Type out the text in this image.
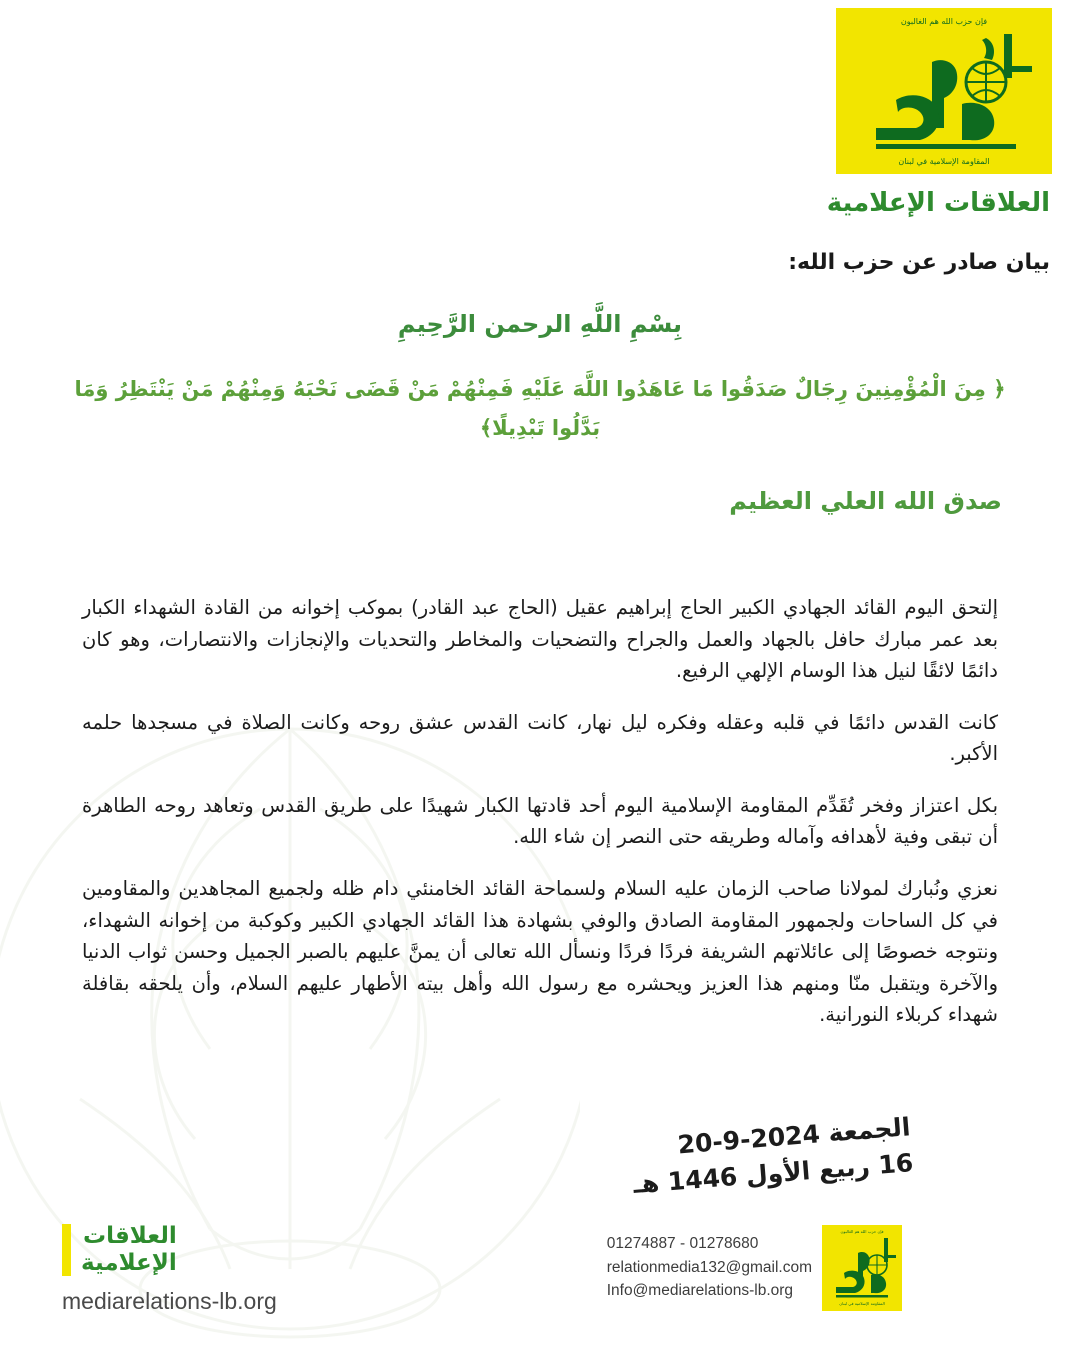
فإن حزب الله هم الغالبون
المقاومة الإسلامية في لبنان
العلاقات الإعلامية
بيان صادر عن حزب الله:
بِسْمِ اللَّهِ الرحمن الرَّحِيمِ
﴿ مِنَ الْمُؤْمِنِينَ رِجَالٌ صَدَقُوا مَا عَاهَدُوا اللَّهَ عَلَيْهِ فَمِنْهُمْ مَنْ قَضَى نَحْبَهُ وَمِنْهُمْ مَنْ يَنْتَظِرُ وَمَا بَدَّلُوا تَبْدِيلًا﴾
صدق الله العلي العظيم

إلتحق اليوم القائد الجهادي الكبير الحاج إبراهيم عقيل (الحاج عبد القادر) بموكب إخوانه من القادة الشهداء الكبار بعد عمر مبارك حافل بالجهاد والعمل والجراح والتضحيات والمخاطر والتحديات والإنجازات والانتصارات، وهو كان دائمًا لائقًا لنيل هذا الوسام الإلهي الرفيع.

كانت القدس دائمًا في قلبه وعقله وفكره ليل نهار، كانت القدس عشق روحه وكانت الصلاة في مسجدها حلمه الأكبر.

بكل اعتزاز وفخر تُقَدِّم المقاومة الإسلامية اليوم أحد قادتها الكبار شهيدًا على طريق القدس وتعاهد روحه الطاهرة أن تبقى وفية لأهدافه وآماله وطريقه حتى النصر إن شاء الله.

نعزي ونُبارك لمولانا صاحب الزمان عليه السلام ولسماحة القائد الخامنئي دام ظله ولجميع المجاهدين والمقاومين في كل الساحات ولجمهور المقاومة الصادق والوفي بشهادة هذا القائد الجهادي الكبير وكوكبة من إخوانه الشهداء، ونتوجه خصوصًا إلى عائلاتهم الشريفة فردًا فردًا ونسأل الله تعالى أن يمنَّ عليهم بالصبر الجميل وحسن ثواب الدنيا والآخرة ويتقبل منّا ومنهم هذا العزيز ويحشره مع رسول الله وأهل بيته الأطهار عليهم السلام، وأن يلحقه بقافلة شهداء كربلاء النورانية.

الجمعة 2024-9-20
16 ربيع الأول 1446 هـ
فإن حزب الله هم الغالبون
المقاومة الإسلامية في لبنان
01274887 - 01278680
relationmedia132@gmail.com
Info@mediarelations-lb.org
العلاقات
الإعلامية
mediarelations-lb.org
